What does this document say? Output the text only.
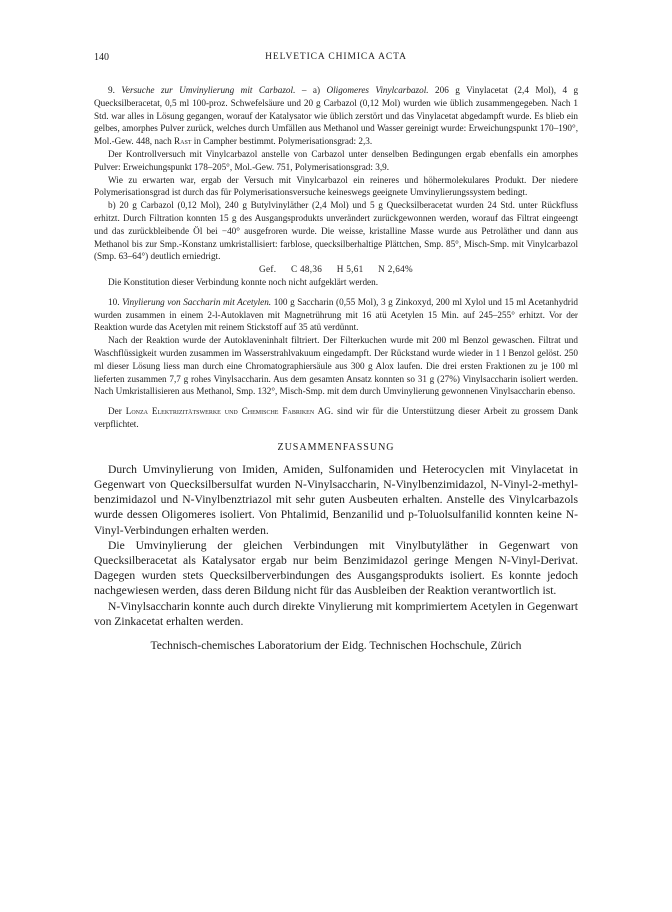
140	HELVETICA CHIMICA ACTA

9. Versuche zur Umvinylierung mit Carbazol. – a) Oligomeres Vinylcarbazol. 206 g Vinylacetat (2,4 Mol), 4 g Quecksilberacetat, 0,5 ml 100-proz. Schwefelsäure und 20 g Carbazol (0,12 Mol) wurden wie üblich zusammengegeben. Nach 1 Std. war alles in Lösung gegangen, worauf der Katalysator wie üblich zerstört und das Vinylacetat abgedampft wurde. Es blieb ein gelbes, amorphes Pulver zurück, welches durch Umfällen aus Methanol und Wasser gereinigt wurde: Erweichungspunkt 170–190°, Mol.-Gew. 448, nach Rast in Campher bestimmt. Polymerisationsgrad: 2,3.

Der Kontrollversuch mit Vinylcarbazol anstelle von Carbazol unter denselben Bedingungen ergab ebenfalls ein amorphes Pulver: Erweichungspunkt 178–205°, Mol.-Gew. 751, Polymerisationsgrad: 3,9.

Wie zu erwarten war, ergab der Versuch mit Vinylcarbazol ein reineres und höhermolekulares Produkt. Der niedere Polymerisationsgrad ist durch das für Polymerisationsversuche keineswegs geeignete Umvinylierungssystem bedingt.

b) 20 g Carbazol (0,12 Mol), 240 g Butylvinyläther (2,4 Mol) und 5 g Quecksilberacetat wurden 24 Std. unter Rückfluss erhitzt. Durch Filtration konnten 15 g des Ausgangsprodukts unverändert zurückgewonnen werden, worauf das Filtrat eingeengt und das zurückbleibende Öl bei −40° ausgefroren wurde. Die weisse, kristalline Masse wurde aus Petroläther und dann aus Methanol bis zur Smp.-Konstanz umkristallisiert: farblose, quecksilberhaltige Plättchen, Smp. 85°, Misch-Smp. mit Vinylcarbazol (Smp. 63–64°) deutlich erniedrigt.

Gef. C 48,36 H 5,61 N 2,64%

Die Konstitution dieser Verbindung konnte noch nicht aufgeklärt werden.

10. Vinylierung von Saccharin mit Acetylen. 100 g Saccharin (0,55 Mol), 3 g Zinkoxyd, 200 ml Xylol und 15 ml Acetanhydrid wurden zusammen in einem 2-l-Autoklaven mit Magnetrührung mit 16 atü Acetylen 15 Min. auf 245–255° erhitzt. Vor der Reaktion wurde das Acetylen mit reinem Stickstoff auf 35 atü verdünnt.

Nach der Reaktion wurde der Autoklaveninhalt filtriert. Der Filterkuchen wurde mit 200 ml Benzol gewaschen. Filtrat und Waschflüssigkeit wurden zusammen im Wasserstrahlvakuum eingedampft. Der Rückstand wurde wieder in 1 l Benzol gelöst. 250 ml dieser Lösung liess man durch eine Chromatographiersäule aus 300 g Alox laufen. Die drei ersten Fraktionen zu je 100 ml lieferten zusammen 7,7 g rohes Vinylsaccharin. Aus dem gesamten Ansatz konnten so 31 g (27%) Vinylsaccharin isoliert werden. Nach Umkristallisieren aus Methanol, Smp. 132°, Misch-Smp. mit dem durch Umvinylierung gewonnenen Vinylsaccharin ebenso.

Der Lonza Elektrizitätswerke und Chemische Fabriken AG. sind wir für die Unterstützung dieser Arbeit zu grossem Dank verpflichtet.

ZUSAMMENFASSUNG

Durch Umvinylierung von Imiden, Amiden, Sulfonamiden und Heterocyclen mit Vinylacetat in Gegenwart von Quecksilbersulfat wurden N-Vinylsaccharin, N-Vinylbenzimidazol, N-Vinyl-2-methyl-benzimidazol und N-Vinylbenztriazol mit sehr guten Ausbeuten erhalten. Anstelle des Vinylcarbazols wurde dessen Oligomeres isoliert. Von Phtalimid, Benzanilid und p-Toluolsulfanilid konnten keine N-Vinyl-Verbindungen erhalten werden.

Die Umvinylierung der gleichen Verbindungen mit Vinylbutyläther in Gegenwart von Quecksilberacetat als Katalysator ergab nur beim Benzimidazol geringe Mengen N-Vinyl-Derivat. Dagegen wurden stets Quecksilberverbindungen des Ausgangsprodukts isoliert. Es konnte jedoch nachgewiesen werden, dass deren Bildung nicht für das Ausbleiben der Reaktion verantwortlich ist.

N-Vinylsaccharin konnte auch durch direkte Vinylierung mit komprimiertem Acetylen in Gegenwart von Zinkacetat erhalten werden.

Technisch-chemisches Laboratorium der Eidg. Technischen Hochschule, Zürich
